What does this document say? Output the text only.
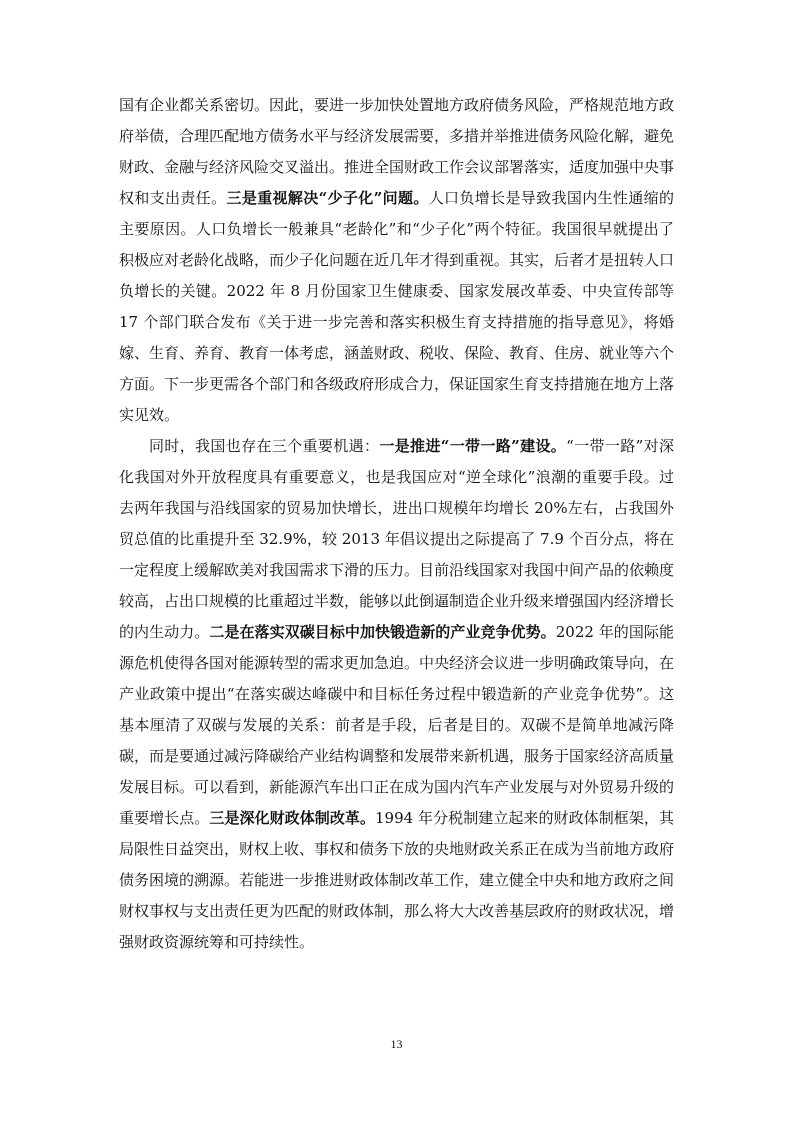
国有企业都关系密切。因此，要进一步加快处置地方政府债务风险，严格规范地方政府举债，合理匹配地方债务水平与经济发展需要，多措并举推进债务风险化解，避免财政、金融与经济风险交叉溢出。推进全国财政工作会议部署落实，适度加强中央事权和支出责任。三是重视解决“少子化”问题。人口负增长是导致我国内生性通缩的主要原因。人口负增长一般兼具“老龄化”和“少子化”两个特征。我国很早就提出了积极应对老龄化战略，而少子化问题在近几年才得到重视。其实，后者才是扭转人口负增长的关键。2022 年 8 月份国家卫生健康委、国家发展改革委、中央宣传部等 17 个部门联合发布《关于进一步完善和落实积极生育支持措施的指导意见》，将婚嫁、生育、养育、教育一体考虑，涵盖财政、税收、保险、教育、住房、就业等六个方面。下一步更需各个部门和各级政府形成合力，保证国家生育支持措施在地方上落实见效。

同时，我国也存在三个重要机遇：一是推进“一带一路”建设。“一带一路”对深化我国对外开放程度具有重要意义，也是我国应对“逆全球化”浪潮的重要手段。过去两年我国与沿线国家的贸易加快增长，进出口规模年均增长 20%左右，占我国外贸总值的比重提升至 32.9%，较 2013 年倡议提出之际提高了 7.9 个百分点，将在一定程度上缓解欧美对我国需求下滑的压力。目前沿线国家对我国中间产品的依赖度较高，占出口规模的比重超过半数，能够以此倒逼制造企业升级来增强国内经济增长的内生动力。二是在落实双碳目标中加快锻造新的产业竞争优势。2022 年的国际能源危机使得各国对能源转型的需求更加急迫。中央经济会议进一步明确政策导向，在产业政策中提出“在落实碳达峰碳中和目标任务过程中锻造新的产业竞争优势”。这基本厘清了双碳与发展的关系：前者是手段，后者是目的。双碳不是简单地减污降碳，而是要通过减污降碳给产业结构调整和发展带来新机遇，服务于国家经济高质量发展目标。可以看到，新能源汽车出口正在成为国内汽车产业发展与对外贸易升级的重要增长点。三是深化财政体制改革。1994 年分税制建立起来的财政体制框架，其局限性日益突出，财权上收、事权和债务下放的央地财政关系正在成为当前地方政府债务困境的溯源。若能进一步推进财政体制改革工作，建立健全中央和地方政府之间财权事权与支出责任更为匹配的财政体制，那么将大大改善基层政府的财政状况，增强财政资源统筹和可持续性。

13
